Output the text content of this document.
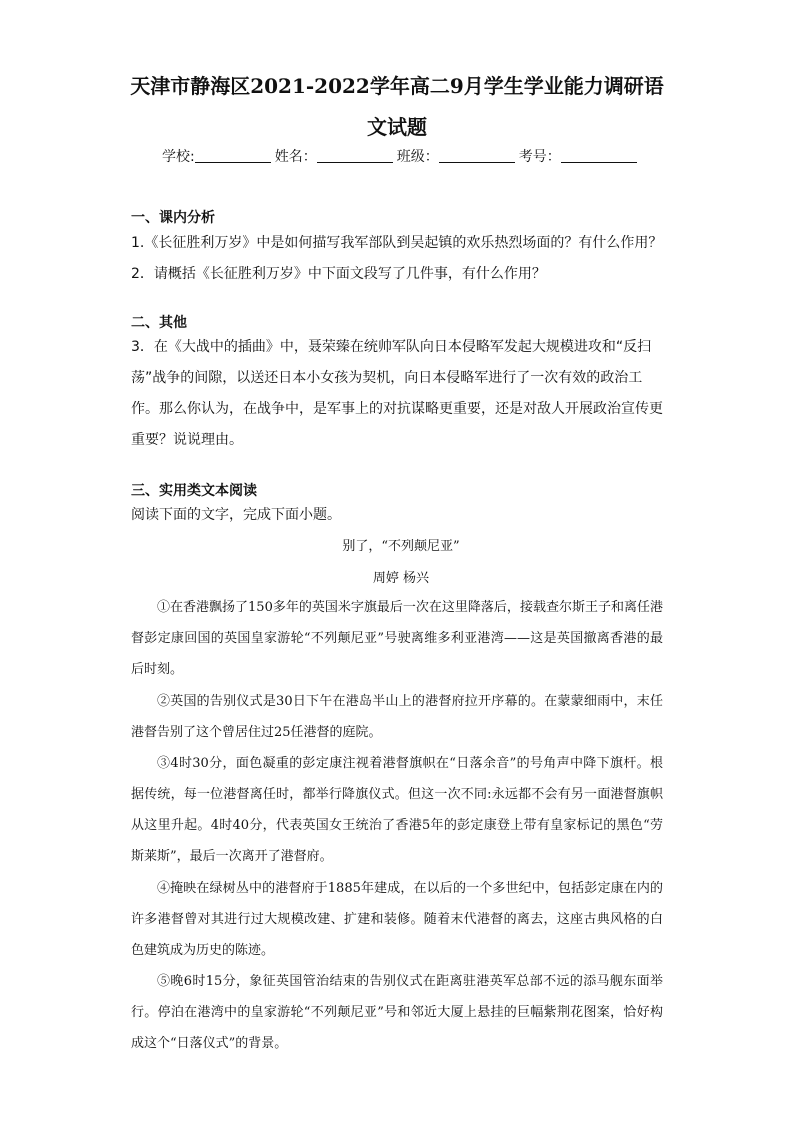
天津市静海区2021-2022学年高二9月学生学业能力调研语
文试题
学校:	姓名：	班级：	考号：
一、课内分析
1.《长征胜利万岁》中是如何描写我军部队到吴起镇的欢乐热烈场面的？有什么作用？
2．请概括《长征胜利万岁》中下面文段写了几件事，有什么作用？
二、其他
3．在《大战中的插曲》中，聂荣臻在统帅军队向日本侵略军发起大规模进攻和“反扫荡”战争的间隙，以送还日本小女孩为契机，向日本侵略军进行了一次有效的政治工作。那么你认为，在战争中，是军事上的对抗谋略更重要，还是对敌人开展政治宣传更重要？说说理由。
三、实用类文本阅读
阅读下面的文字，完成下面小题。
别了，“不列颠尼亚”
周婷 杨兴
①在香港飘扬了150多年的英国米字旗最后一次在这里降落后，接载查尔斯王子和离任港督彭定康回国的英国皇家游轮“不列颠尼亚”号驶离维多利亚港湾——这是英国撤离香港的最后时刻。
②英国的告别仪式是30日下午在港岛半山上的港督府拉开序幕的。在蒙蒙细雨中，末任港督告别了这个曾居住过25任港督的庭院。
③4时30分，面色凝重的彭定康注视着港督旗帜在“日落余音”的号角声中降下旗杆。根据传统，每一位港督离任时，都举行降旗仪式。但这一次不同:永远都不会有另一面港督旗帜从这里升起。4时40分，代表英国女王统治了香港5年的彭定康登上带有皇家标记的黑色“劳斯莱斯”，最后一次离开了港督府。
④掩映在绿树丛中的港督府于1885年建成，在以后的一个多世纪中，包括彭定康在内的许多港督曾对其进行过大规模改建、扩建和装修。随着末代港督的离去，这座古典风格的白色建筑成为历史的陈迹。
⑤晚6时15分，象征英国管治结束的告别仪式在距离驻港英军总部不远的添马舰东面举行。停泊在港湾中的皇家游轮“不列颠尼亚”号和邻近大厦上悬挂的巨幅紫荆花图案，恰好构成这个“日落仪式”的背景。
